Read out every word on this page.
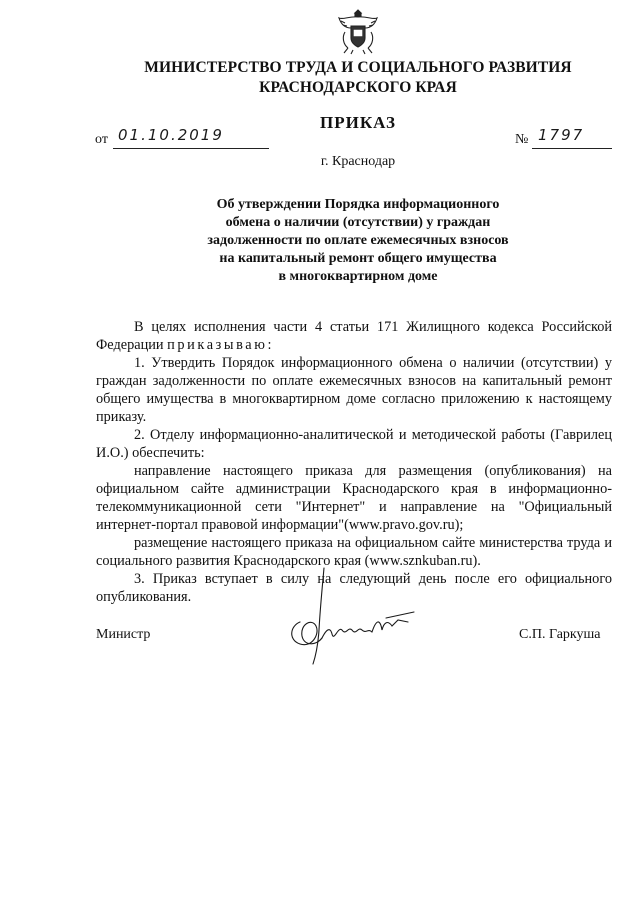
МИНИСТЕРСТВО ТРУДА И СОЦИАЛЬНОГО РАЗВИТИЯ
КРАСНОДАРСКОГО КРАЯ
ПРИКАЗ
от 01.10.2019	№ 1797
г. Краснодар
Об утверждении Порядка информационного
обмена о наличии (отсутствии) у граждан
задолженности по оплате ежемесячных взносов
на капитальный ремонт общего имущества
в многоквартирном доме

В целях исполнения части 4 статьи 171 Жилищного кодекса Российской Федерации приказываю:

1. Утвердить Порядок информационного обмена о наличии (отсутствии) у граждан задолженности по оплате ежемесячных взносов на капитальный ремонт общего имущества в многоквартирном доме согласно приложению к настоящему приказу.

2. Отделу информационно-аналитической и методической работы (Гаврилец И.О.) обеспечить:

направление настоящего приказа для размещения (опубликования) на официальном сайте администрации Краснодарского края в информационно-телекоммуникационной сети "Интернет" и направление на "Официальный интернет-портал правовой информации"(www.pravo.gov.ru);

размещение настоящего приказа на официальном сайте министерства труда и социального развития Краснодарского края (www.sznkuban.ru).

3. Приказ вступает в силу на следующий день после его официального опубликования.

Министр	С.П. Гаркуша
